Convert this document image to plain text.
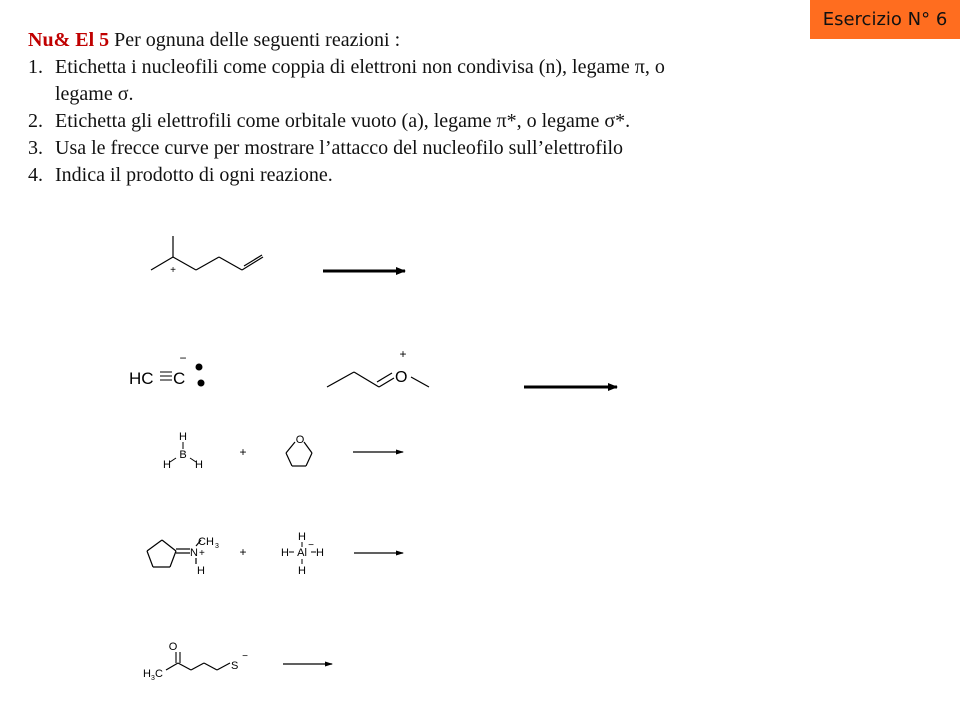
Esercizio N° 6
Nu& El 5 Per ognuna delle seguenti reazioni :
1. Etichetta i nucleofili come coppia di elettroni non condivisa (n), legame π, o
legame σ.
2. Etichetta gli elettrofili come orbitale vuoto (a), legame π*, o legame σ*.
3. Usa le frecce curve per mostrare l’attacco del nucleofilo sull’elettrofilo
4. Indica il prodotto di ogni reazione.
+
HC C
−
O
+
H
B
H H
+
O
N
CH 3
+
H
+
H
−
H Al H
H
O
H 3 C
S
−
